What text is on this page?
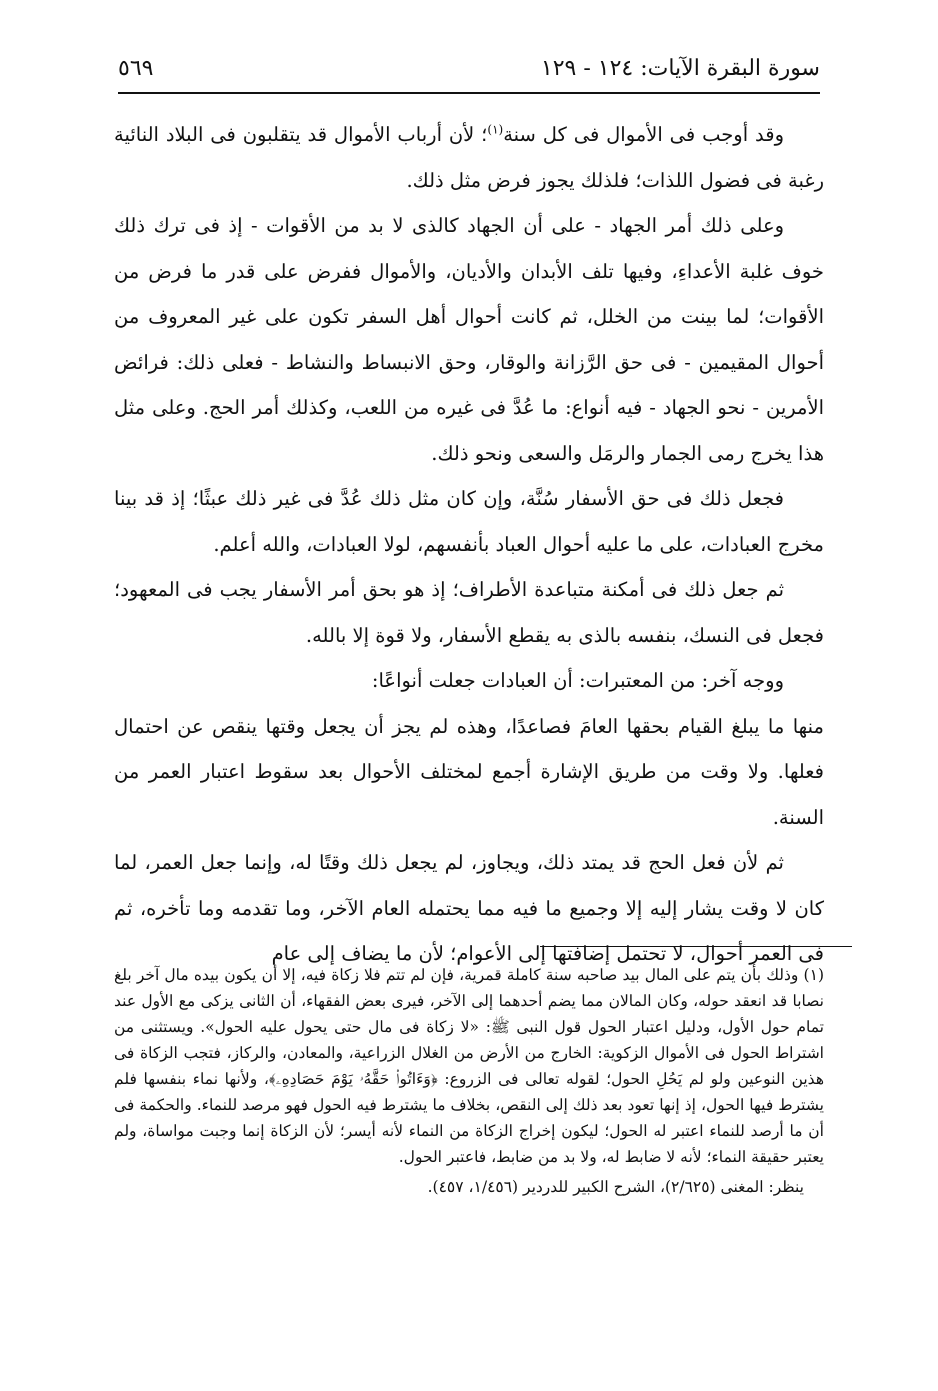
سورة البقرة الآيات: ١٢٤ - ١٢٩
٥٦٩

وقد أوجب فى الأموال فى كل سنة$^{(١)}$؛ لأن أرباب الأموال قد يتقلبون فى البلاد النائية رغبة فى فضول اللذات؛ فلذلك يجوز فرض مثل ذلك.

وعلى ذلك أمر الجهاد - على أن الجهاد كالذى لا بد من الأقوات - إذ فى ترك ذلك خوف غلبة الأعداءِ، وفيها تلف الأبدان والأديان، والأموال ففرض على قدر ما فرض من الأقوات؛ لما بينت من الخلل، ثم كانت أحوال أهل السفر تكون على غير المعروف من أحوال المقيمين - فى حق الرَّزانة والوقار، وحق الانبساط والنشاط - فعلى ذلك: فرائض الأمرين - نحو الجهاد - فيه أنواع: ما عُدَّ فى غيره من اللعب، وكذلك أمر الحج. وعلى مثل هذا يخرج رمى الجمار والرمَل والسعى ونحو ذلك.

فجعل ذلك فى حق الأسفار سُنَّة، وإن كان مثل ذلك عُدَّ فى غير ذلك عبثًا؛ إذ قد بينا مخرج العبادات، على ما عليه أحوال العباد بأنفسهم، لولا العبادات، والله أعلم.

ثم جعل ذلك فى أمكنة متباعدة الأطراف؛ إذ هو بحق أمر الأسفار يجب فى المعهود؛ فجعل فى النسك، بنفسه بالذى به يقطع الأسفار، ولا قوة إلا بالله.

ووجه آخر: من المعتبرات: أن العبادات جعلت أنواعًا:

منها ما يبلغ القيام بحقها العامَ فصاعدًا، وهذه لم يجز أن يجعل وقتها ينقص عن احتمال فعلها. ولا وقت من طريق الإشارة أجمع لمختلف الأحوال بعد سقوط اعتبار العمر من السنة.

ثم لأن فعل الحج قد يمتد ذلك، ويجاوز، لم يجعل ذلك وقتًا له، وإنما جعل العمر، لما كان لا وقت يشار إليه إلا وجميع ما فيه مما يحتمله العام الآخر، وما تقدمه وما تأخره، ثم فى العمر أحوال، لا تحتمل إضافتها إلى الأعوام؛ لأن ما يضاف إلى عام

(١) وذلك بأن يتم على المال بيد صاحبه سنة كاملة قمرية، فإن لم تتم فلا زكاة فيه، إلا أن يكون بيده مال آخر بلغ نصابا قد انعقد حوله، وكان المالان مما يضم أحدهما إلى الآخر، فيرى بعض الفقهاء، أن الثانى يزكى مع الأول عند تمام حول الأول، ودليل اعتبار الحول قول النبى ﷺ: «لا زكاة فى مال حتى يحول عليه الحول». ويستثنى من اشتراط الحول فى الأموال الزكوية: الخارج من الأرض من الغلال الزراعية، والمعادن، والركاز، فتجب الزكاة فى هذين النوعين ولو لم يَحُلِ الحول؛ لقوله تعالى فى الزروع: ﴿وَءَاتُوا۟ حَقَّهُۥ يَوْمَ حَصَادِهِۦ﴾، ولأنها نماء بنفسها فلم يشترط فيها الحول، إذ إنها تعود بعد ذلك إلى النقص، بخلاف ما يشترط فيه الحول فهو مرصد للنماء. والحكمة فى أن ما أرصد للنماء اعتبر له الحول؛ ليكون إخراج الزكاة من النماء لأنه أيسر؛ لأن الزكاة إنما وجبت مواساة، ولم يعتبر حقيقة النماء؛ لأنه لا ضابط له، ولا بد من ضابط، فاعتبر الحول.

ينظر: المغنى (٢/٦٢٥)، الشرح الكبير للدردير (١/٤٥٦، ٤٥٧).
